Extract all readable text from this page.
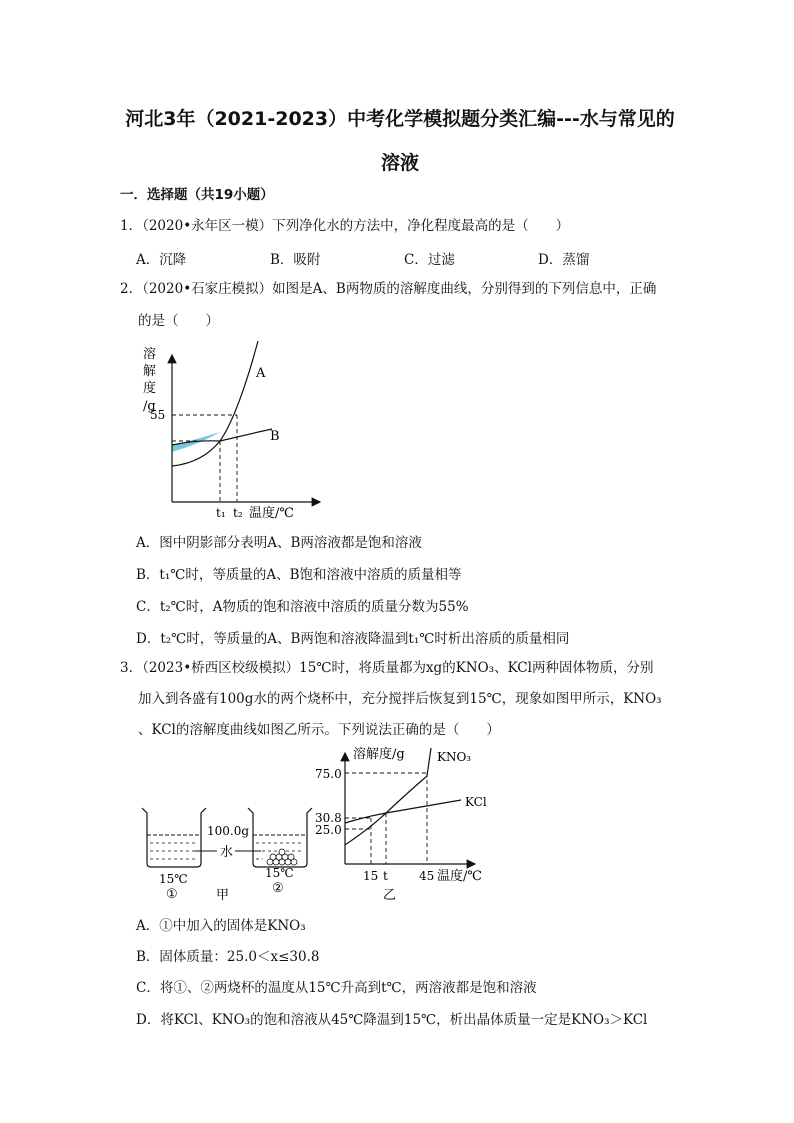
河北3年（2021-2023）中考化学模拟题分类汇编---水与常见的
溶液
一．选择题（共19小题）
1．（2020•永年区一模）下列净化水的方法中，净化程度最高的是（　　）
A．沉降	B．吸附	C．过滤	D．蒸馏
2．（2020•石家庄模拟）如图是A、B两物质的溶解度曲线，分别得到的下列信息中，正确
的是（　　）
溶
解
度
/g
55
A
B
t₁ t₂ 温度/℃
A．图中阴影部分表明A、B两溶液都是饱和溶液
B．t₁℃时，等质量的A、B饱和溶液中溶质的质量相等
C．t₂℃时，A物质的饱和溶液中溶质的质量分数为55%
D．t₂℃时，等质量的A、B两饱和溶液降温到t₁℃时析出溶质的质量相同
3．（2023•桥西区校级模拟）15℃时，将质量都为xg的KNO₃、KCl两种固体物质，分别
加入到各盛有100g水的两个烧杯中，充分搅拌后恢复到15℃，现象如图甲所示，KNO₃
、KCl的溶解度曲线如图乙所示。下列说法正确的是（　　）
100.0g
水
15℃
①
15℃
②
甲
溶解度/g
75.0
30.8
25.0
15 t	45 温度/℃
KNO₃
KCl
乙
A．①中加入的固体是KNO₃
B．固体质量：25.0＜x≤30.8
C．将①、②两烧杯的温度从15℃升高到t℃，两溶液都是饱和溶液
D．将KCl、KNO₃的饱和溶液从45℃降温到15℃，析出晶体质量一定是KNO₃＞KCl
